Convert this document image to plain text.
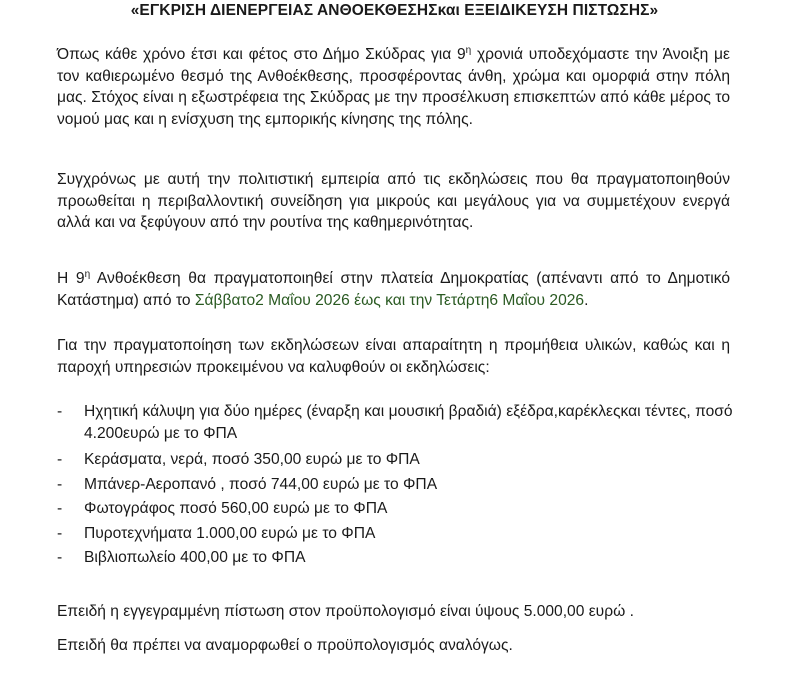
«ΕΓΚΡΙΣΗ ΔΙΕΝΕΡΓΕΙΑΣ ΑΝΘΟΕΚΘΕΣΗΣκαι ΕΞΕΙΔΙΚΕΥΣΗ ΠΙΣΤΩΣΗΣ»
Όπως κάθε χρόνο έτσι και φέτος στο Δήμο Σκύδρας για $9^\eta$ χρονιά υποδεχόμαστε την Άνοιξη με τον καθιερωμένο θεσμό της Ανθοέκθεσης, προσφέροντας άνθη, χρώμα και ομορφιά στην πόλη μας. Στόχος είναι η εξωστρέφεια της Σκύδρας με την προσέλκυση επισκεπτών από κάθε μέρος το νομού μας και η ενίσχυση της εμπορικής κίνησης της πόλης.
Συγχρόνως με αυτή την πολιτιστική εμπειρία από τις εκδηλώσεις που θα πραγματοποιηθούν προωθείται η περιβαλλοντική συνείδηση για μικρούς και μεγάλους για να συμμετέχουν ενεργά αλλά και να ξεφύγουν από την ρουτίνα της καθημερινότητας.
Η $9^\eta$ Ανθοέκθεση θα πραγματοποιηθεί στην πλατεία Δημοκρατίας (απέναντι από το Δημοτικό Κατάστημα) από το Σάββατο2 Μαΐου 2026 έως και την Τετάρτη6 Μαΐου 2026.
Για την πραγματοποίηση των εκδηλώσεων είναι απαραίτητη η προμήθεια υλικών, καθώς και η παροχή υπηρεσιών προκειμένου να καλυφθούν οι εκδηλώσεις:
- Ηχητική κάλυψη για δύο ημέρες (έναρξη και μουσική βραδιά) εξέδρα,καρέκλεςκαι τέντες, ποσό 4.200ευρώ με το ΦΠΑ
- Κεράσματα, νερά, ποσό 350,00 ευρώ με το ΦΠΑ
- Μπάνερ-Αεροπανό , ποσό 744,00 ευρώ με το ΦΠΑ
- Φωτογράφος ποσό 560,00 ευρώ με το ΦΠΑ
- Πυροτεχνήματα 1.000,00 ευρώ με το ΦΠΑ
- Βιβλιοπωλείο 400,00 με το ΦΠΑ
Επειδή η εγγεγραμμένη πίστωση στον προϋπολογισμό είναι ύψους 5.000,00 ευρώ .
Επειδή θα πρέπει να αναμορφωθεί ο προϋπολογισμός αναλόγως.
